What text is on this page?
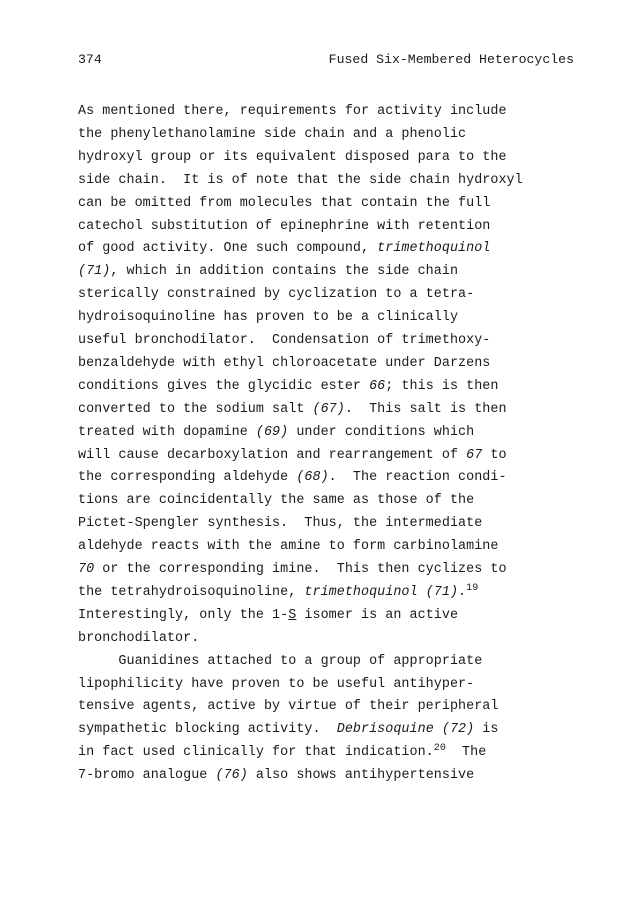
374	Fused Six-Membered Heterocycles
As mentioned there, requirements for activity include
the phenylethanolamine side chain and a phenolic
hydroxyl group or its equivalent disposed para to the
side chain.  It is of note that the side chain hydroxyl
can be omitted from molecules that contain the full
catechol substitution of epinephrine with retention
of good activity. One such compound, trimethoquinol
(71), which in addition contains the side chain
sterically constrained by cyclization to a tetra-
hydroisoquinoline has proven to be a clinically
useful bronchodilator.  Condensation of trimethoxy-
benzaldehyde with ethyl chloroacetate under Darzens
conditions gives the glycidic ester 66; this is then
converted to the sodium salt (67).  This salt is then
treated with dopamine (69) under conditions which
will cause decarboxylation and rearrangement of 67 to
the corresponding aldehyde (68).  The reaction condi-
tions are coincidentally the same as those of the
Pictet-Spengler synthesis.  Thus, the intermediate
aldehyde reacts with the amine to form carbinolamine
70 or the corresponding imine.  This then cyclizes to
the tetrahydroisoquinoline, trimethoquinol (71).$^{19}$
Interestingly, only the 1-S isomer is an active
bronchodilator.
Guanidines attached to a group of appropriate
lipophilicity have proven to be useful antihyper-
tensive agents, active by virtue of their peripheral
sympathetic blocking activity.  Debrisoquine (72) is
in fact used clinically for that indication.$^{20}$  The
7-bromo analogue (76) also shows antihypertensive
